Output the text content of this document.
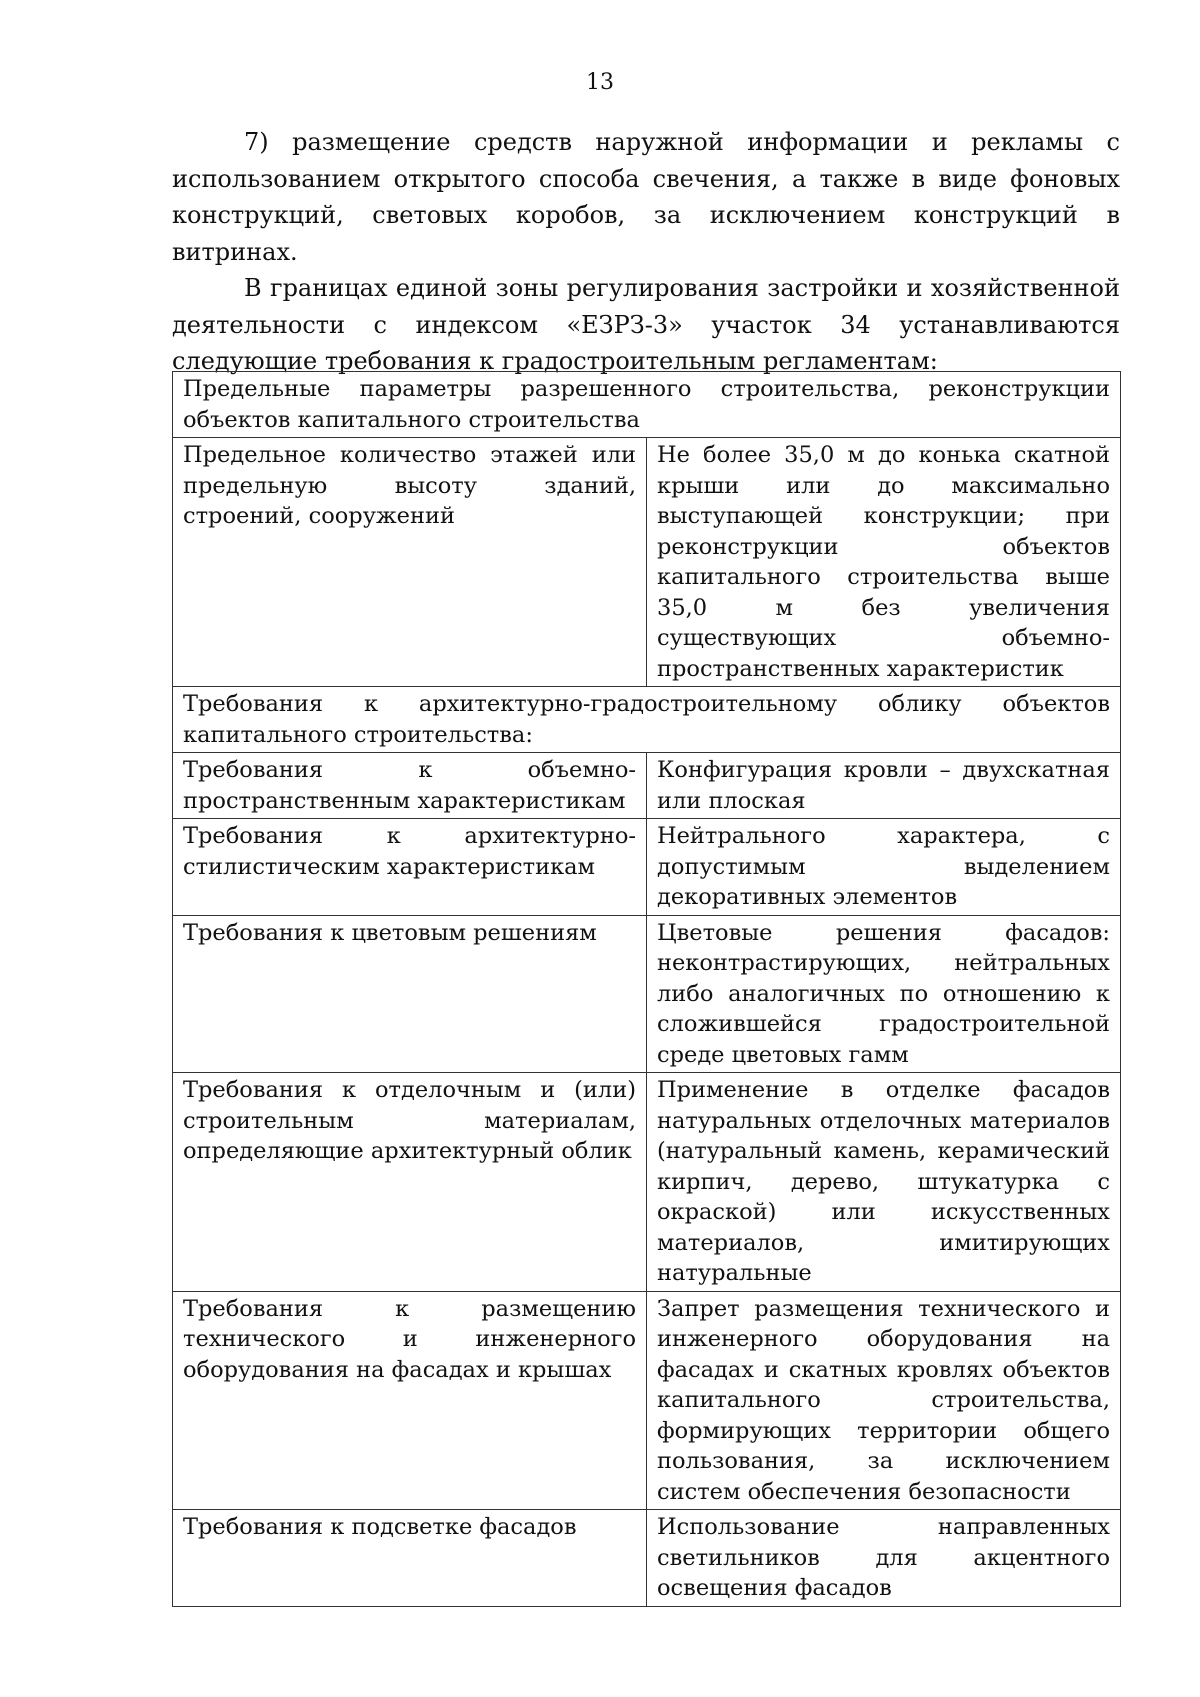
13

7) размещение средств наружной информации и рекламы с использованием открытого способа свечения, а также в виде фоновых конструкций, световых коробов, за исключением конструкций в витринах.

В границах единой зоны регулирования застройки и хозяйственной деятельности с индексом «ЕЗРЗ-3» участок 34 устанавливаются следующие требования к градостроительным регламентам:

Предельные параметры разрешенного строительства, реконструкции объектов капитального строительства	
Предельное количество этажей или предельную высоту зданий, строений, сооружений	Не более 35,0 м до конька скатной крыши или до максимально выступающей конструкции; при реконструкции объектов капитального строительства выше 35,0 м без увеличения существующих объемно-пространственных характеристик
Требования к архитектурно-градостроительному облику объектов капитального строительства:	
Требования к объемно-пространственным характеристикам	Конфигурация кровли – двухскатная или плоская
Требования к архитектурно-стилистическим характеристикам	Нейтрального характера, с допустимым выделением декоративных элементов
Требования к цветовым решениям	Цветовые решения фасадов: неконтрастирующих, нейтральных либо аналогичных по отношению к сложившейся градостроительной среде цветовых гамм
Требования к отделочным и (или) строительным материалам, определяющие архитектурный облик	Применение в отделке фасадов натуральных отделочных материалов (натуральный камень, керамический кирпич, дерево, штукатурка с окраской) или искусственных материалов, имитирующих натуральные
Требования к размещению технического и инженерного оборудования на фасадах и крышах	Запрет размещения технического и инженерного оборудования на фасадах и скатных кровлях объектов капитального строительства, формирующих территории общего пользования, за исключением систем обеспечения безопасности
Требования к подсветке фасадов	Использование направленных светильников для акцентного освещения фасадов
